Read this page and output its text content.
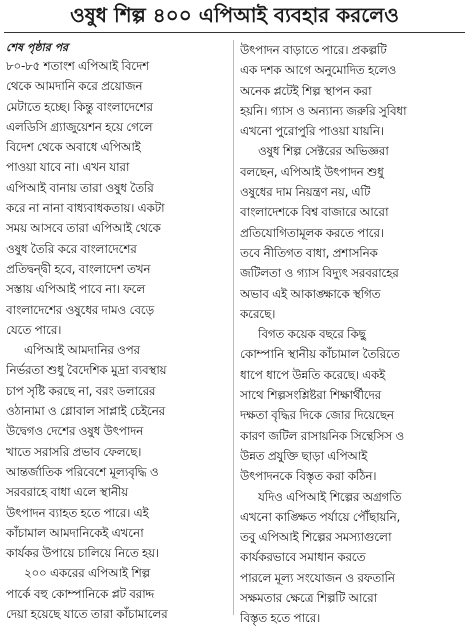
ওষুধ শিল্প ৪০০ এপিআই ব্যবহার করলেও
শেষ পৃষ্ঠার পর
৮০-৮৫ শতাংশ এপিআই বিদেশ
থেকে আমদানি করে প্রয়োজন
মেটাতে হচ্ছে। কিন্তু বাংলাদেশের
এলডিসি গ্র্যাজুয়েশন হয়ে গেলে
বিদেশ থেকে অবাধে এপিআই
পাওয়া যাবে না। এখন যারা
এপিআই বানায় তারা ওষুধ তৈরি
করে না নানা বাধ্যবাধকতায়। একটা
সময় আসবে তারা এপিআই থেকে
ওষুধ তৈরি করে বাংলাদেশের
প্রতিদ্বন্দ্বী হবে, বাংলাদেশ তখন
সস্তায় এপিআই পাবে না। ফলে
বাংলাদেশের ওষুধের দামও বেড়ে
যেতে পারে।
এপিআই আমদানির ওপর
নির্ভরতা শুধু বৈদেশিক মুদ্রা ব্যবস্থায়
চাপ সৃষ্টি করছে না, বরং ডলারের
ওঠানামা ও গ্লোবাল সাপ্লাই চেইনের
উদ্বেগও দেশের ওষুধ উৎপাদন
খাতে সরাসরি প্রভাব ফেলছে।
আন্তর্জাতিক পরিবেশে মূল্যবৃদ্ধি ও
সরবরাহে বাধা এলে স্থানীয়
উৎপাদন ব্যাহত হতে পারে। এই
কাঁচামাল আমদানিকেই এখনো
কার্যকর উপায়ে চালিয়ে নিতে হয়।
২০০ একরের এপিআই শিল্প
পার্কে বহু কোম্পানিকে প্লট বরাদ্দ
দেয়া হয়েছে যাতে তারা কাঁচামালের
উৎপাদন বাড়াতে পারে। প্রকল্পটি
এক দশক আগে অনুমোদিত হলেও
অনেক প্লটেই শিল্প স্থাপন করা
হয়নি। গ্যাস ও অন্যান্য জরুরি সুবিধা
এখনো পুরোপুরি পাওয়া যায়নি।
ওষুধ শিল্প সেক্টরের অভিজ্ঞরা
বলছেন, এপিআই উৎপাদন শুধু
ওষুধের দাম নিয়ন্ত্রণ নয়, এটি
বাংলাদেশকে বিশ্ব বাজারে আরো
প্রতিযোগিতামূলক করতে পারে।
তবে নীতিগত বাধা, প্রশাসনিক
জটিলতা ও গ্যাস বিদ্যুৎ সরবরাহের
অভাব এই আকাঙ্ক্ষাকে স্থগিত
করেছে।
বিগত কয়েক বছরে কিছু
কোম্পানি স্থানীয় কাঁচামাল তৈরিতে
ধাপে ধাপে উন্নতি করেছে। একই
সাথে শিল্পসংশ্লিষ্টরা শিক্ষার্থীদের
দক্ষতা বৃদ্ধির দিকে জোর দিয়েছেন
কারণ জটিল রাসায়নিক সিন্থেসিস ও
উন্নত প্রযুক্তি ছাড়া এপিআই
উৎপাদনকে বিস্তৃত করা কঠিন।
যদিও এপিআই শিল্পের অগ্রগতি
এখনো কাঙ্ক্ষিত পর্যায়ে পৌঁছায়নি,
তবু এপিআই শিল্পের সমস্যাগুলো
কার্যকরভাবে সমাধান করতে
পারলে মূল্য সংযোজন ও রফতানি
সক্ষমতার ক্ষেত্রে শিল্পটি আরো
বিস্তৃত হতে পারে।
